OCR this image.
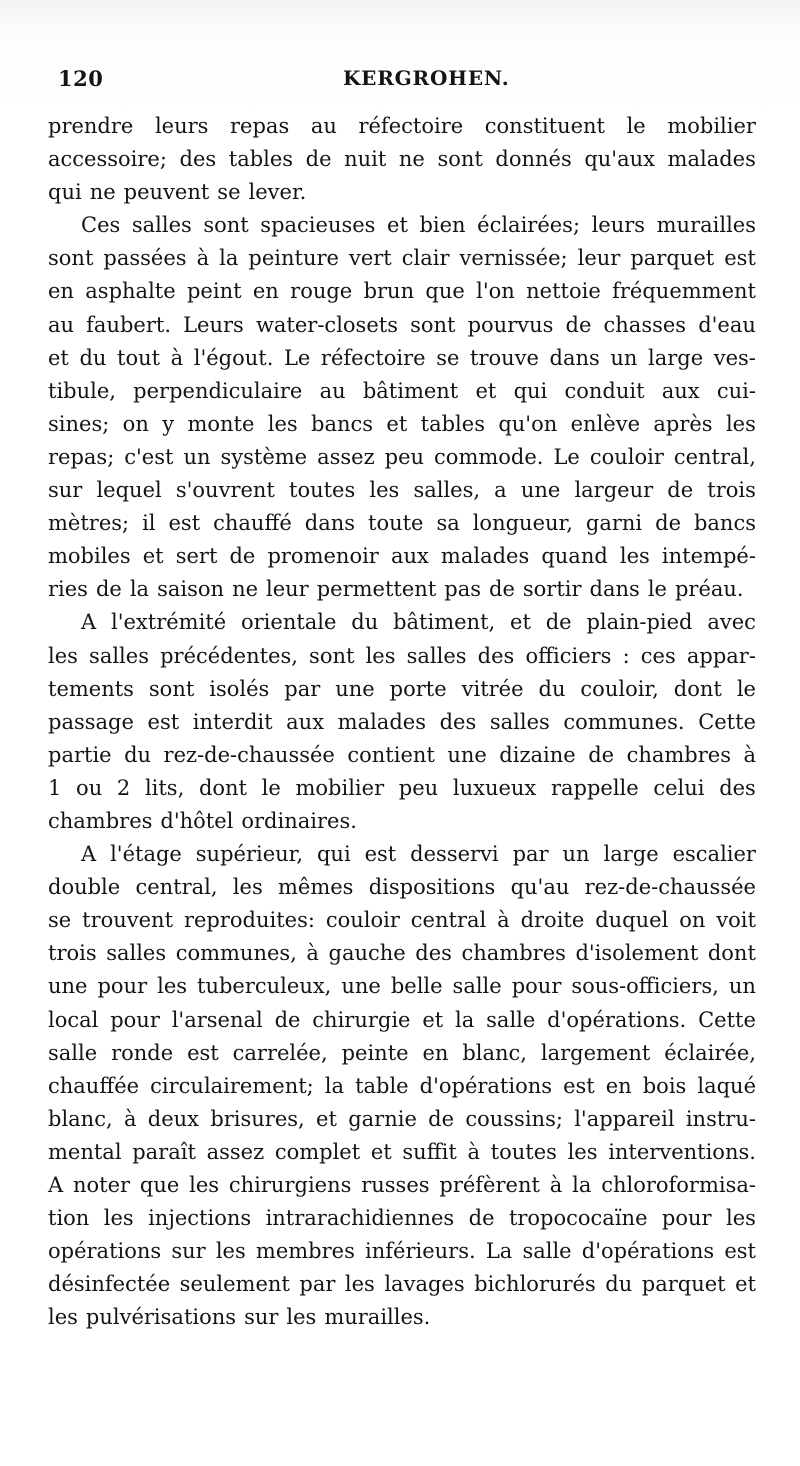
120	KERGROHEN.
prendre leurs repas au réfectoire constituent le mobilier
accessoire; des tables de nuit ne sont donnés qu'aux malades
qui ne peuvent se lever.
Ces salles sont spacieuses et bien éclairées; leurs murailles
sont passées à la peinture vert clair vernissée; leur parquet est
en asphalte peint en rouge brun que l'on nettoie fréquemment
au faubert. Leurs water-closets sont pourvus de chasses d'eau
et du tout à l'égout. Le réfectoire se trouve dans un large ves-
tibule, perpendiculaire au bâtiment et qui conduit aux cui-
sines; on y monte les bancs et tables qu'on enlève après les
repas; c'est un système assez peu commode. Le couloir central,
sur lequel s'ouvrent toutes les salles, a une largeur de trois
mètres; il est chauffé dans toute sa longueur, garni de bancs
mobiles et sert de promenoir aux malades quand les intempé-
ries de la saison ne leur permettent pas de sortir dans le préau.
A l'extrémité orientale du bâtiment, et de plain-pied avec
les salles précédentes, sont les salles des officiers : ces appar-
tements sont isolés par une porte vitrée du couloir, dont le
passage est interdit aux malades des salles communes. Cette
partie du rez-de-chaussée contient une dizaine de chambres à
1 ou 2 lits, dont le mobilier peu luxueux rappelle celui des
chambres d'hôtel ordinaires.
A l'étage supérieur, qui est desservi par un large escalier
double central, les mêmes dispositions qu'au rez-de-chaussée
se trouvent reproduites: couloir central à droite duquel on voit
trois salles communes, à gauche des chambres d'isolement dont
une pour les tuberculeux, une belle salle pour sous-officiers, un
local pour l'arsenal de chirurgie et la salle d'opérations. Cette
salle ronde est carrelée, peinte en blanc, largement éclairée,
chauffée circulairement; la table d'opérations est en bois laqué
blanc, à deux brisures, et garnie de coussins; l'appareil instru-
mental paraît assez complet et suffit à toutes les interventions.
A noter que les chirurgiens russes préfèrent à la chloroformisa-
tion les injections intrarachidiennes de tropococaïne pour les
opérations sur les membres inférieurs. La salle d'opérations est
désinfectée seulement par les lavages bichlorurés du parquet et
les pulvérisations sur les murailles.
